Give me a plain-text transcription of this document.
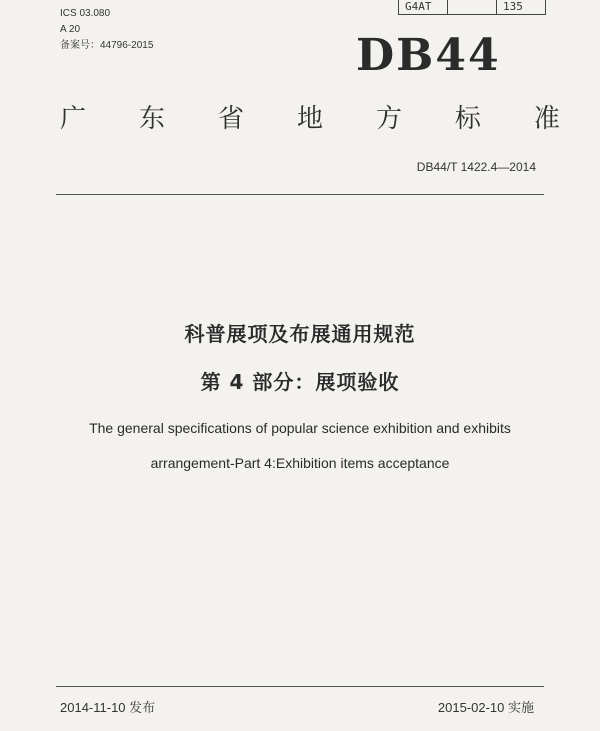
ICS 03.080
A 20
备案号：44796-2015
G4AT	135
DB44
广 东 省 地 方 标 准
DB44/T 1422.4—2014
科普展项及布展通用规范
第 4 部分：展项验收
The general specifications of popular science exhibition and exhibits
arrangement-Part 4:Exhibition items acceptance
2014-11-10 发布	2015-02-10 实施
